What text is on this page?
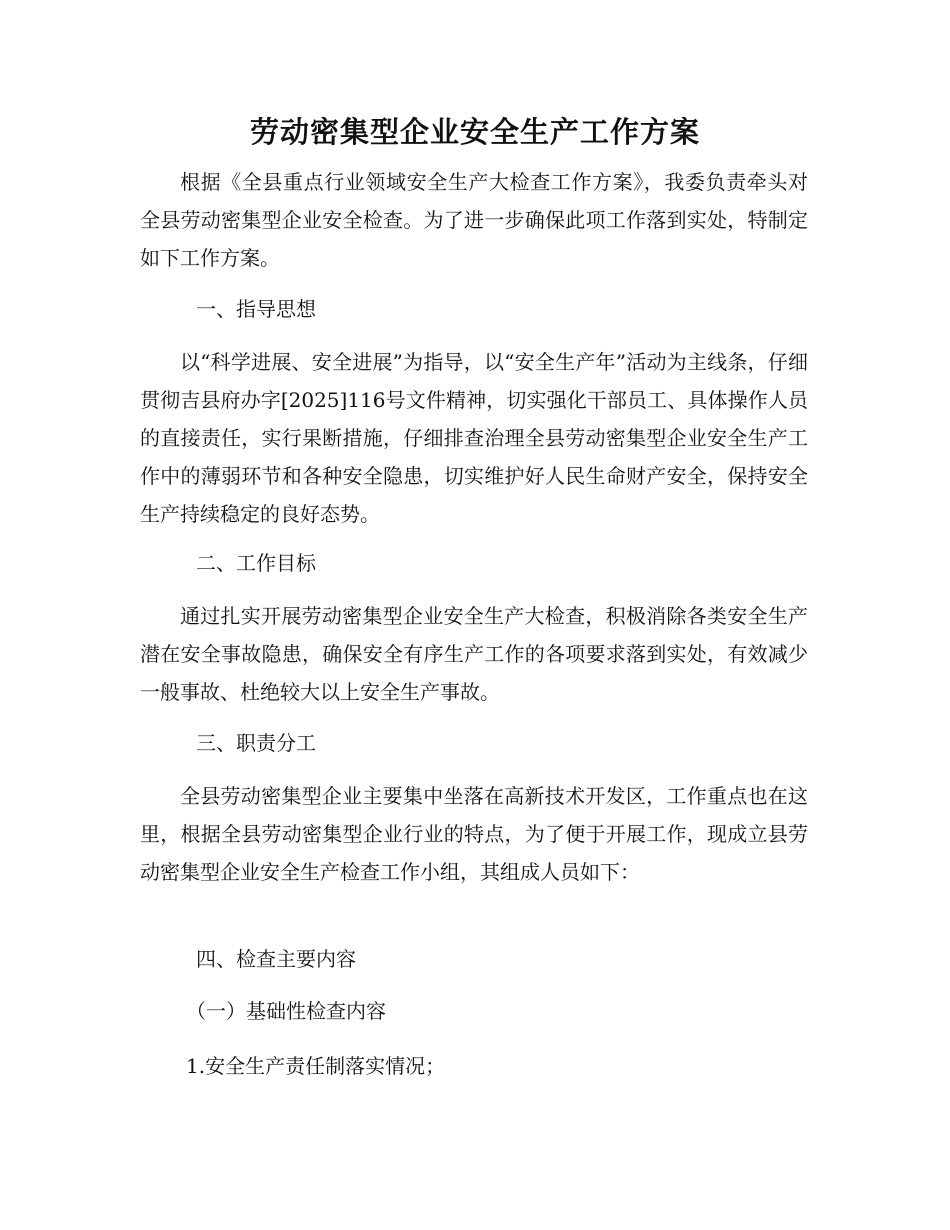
劳动密集型企业安全生产工作方案

根据《全县重点行业领域安全生产大检查工作方案》，我委负责牵头对全县劳动密集型企业安全检查。为了进一步确保此项工作落到实处，特制定如下工作方案。

一、指导思想

以“科学进展、安全进展”为指导，以“安全生产年”活动为主线条，仔细贯彻吉县府办字[2025]116号文件精神，切实强化干部员工、具体操作人员的直接责任，实行果断措施，仔细排查治理全县劳动密集型企业安全生产工作中的薄弱环节和各种安全隐患，切实维护好人民生命财产安全，保持安全生产持续稳定的良好态势。

二、工作目标

通过扎实开展劳动密集型企业安全生产大检查，积极消除各类安全生产潜在安全事故隐患，确保安全有序生产工作的各项要求落到实处，有效减少一般事故、杜绝较大以上安全生产事故。

三、职责分工

全县劳动密集型企业主要集中坐落在高新技术开发区，工作重点也在这里，根据全县劳动密集型企业行业的特点，为了便于开展工作，现成立县劳动密集型企业安全生产检查工作小组，其组成人员如下：

四、检查主要内容

（一）基础性检查内容

1.安全生产责任制落实情况；
